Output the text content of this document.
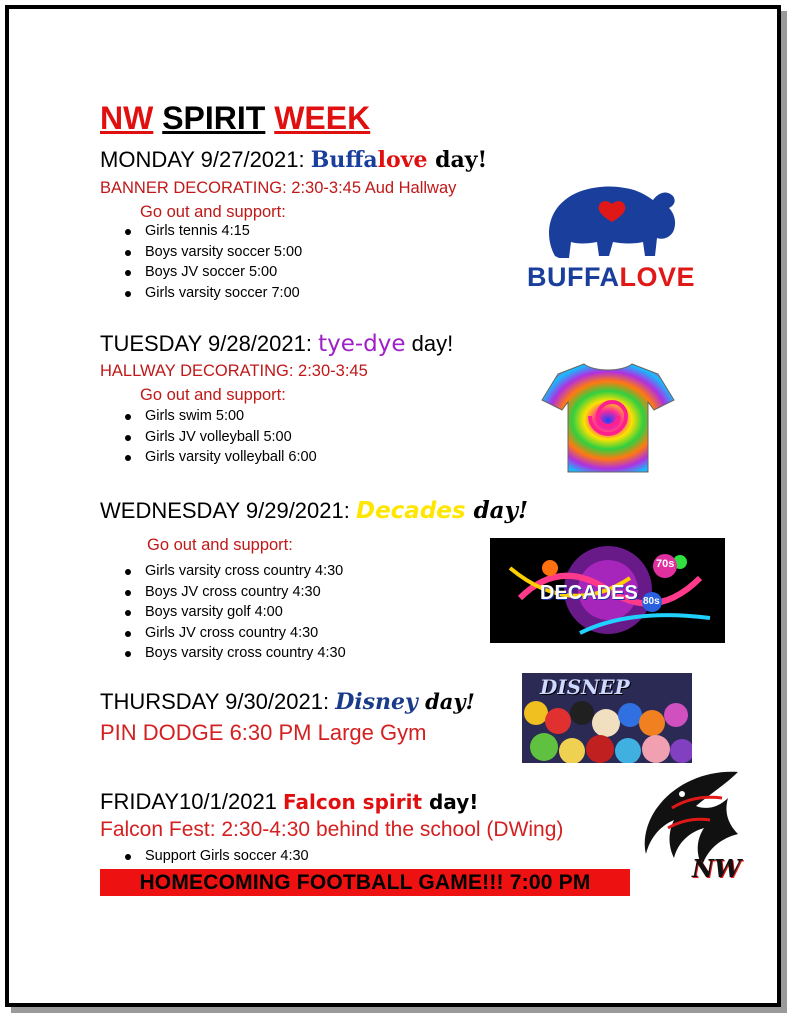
NW SPIRIT WEEK
MONDAY 9/27/2021: Buffalove day!
BANNER DECORATING: 2:30-3:45 Aud Hallway
Go out and support:
Girls tennis 4:15
Boys varsity soccer 5:00
Boys JV soccer 5:00
Girls varsity soccer 7:00
BUFFALOVE
TUESDAY 9/28/2021: tye-dye day!
HALLWAY DECORATING: 2:30-3:45
Go out and support:
Girls swim 5:00
Girls JV volleyball 5:00
Girls varsity volleyball 6:00
WEDNESDAY 9/29/2021: Decades day!
Go out and support:
Girls varsity cross country 4:30
Boys JV cross country 4:30
Boys varsity golf 4:00
Girls JV cross country 4:30
Boys varsity cross country 4:30
DECADES
70s
80s
THURSDAY 9/30/2021: Disney day!
PIN DODGE 6:30 PM Large Gym
DISNEP
FRIDAY10/1/2021 Falcon spirit day!
Falcon Fest: 2:30-4:30 behind the school (DWing)
Support Girls soccer 4:30	NW
HOMECOMING FOOTBALL GAME!!! 7:00 PM
